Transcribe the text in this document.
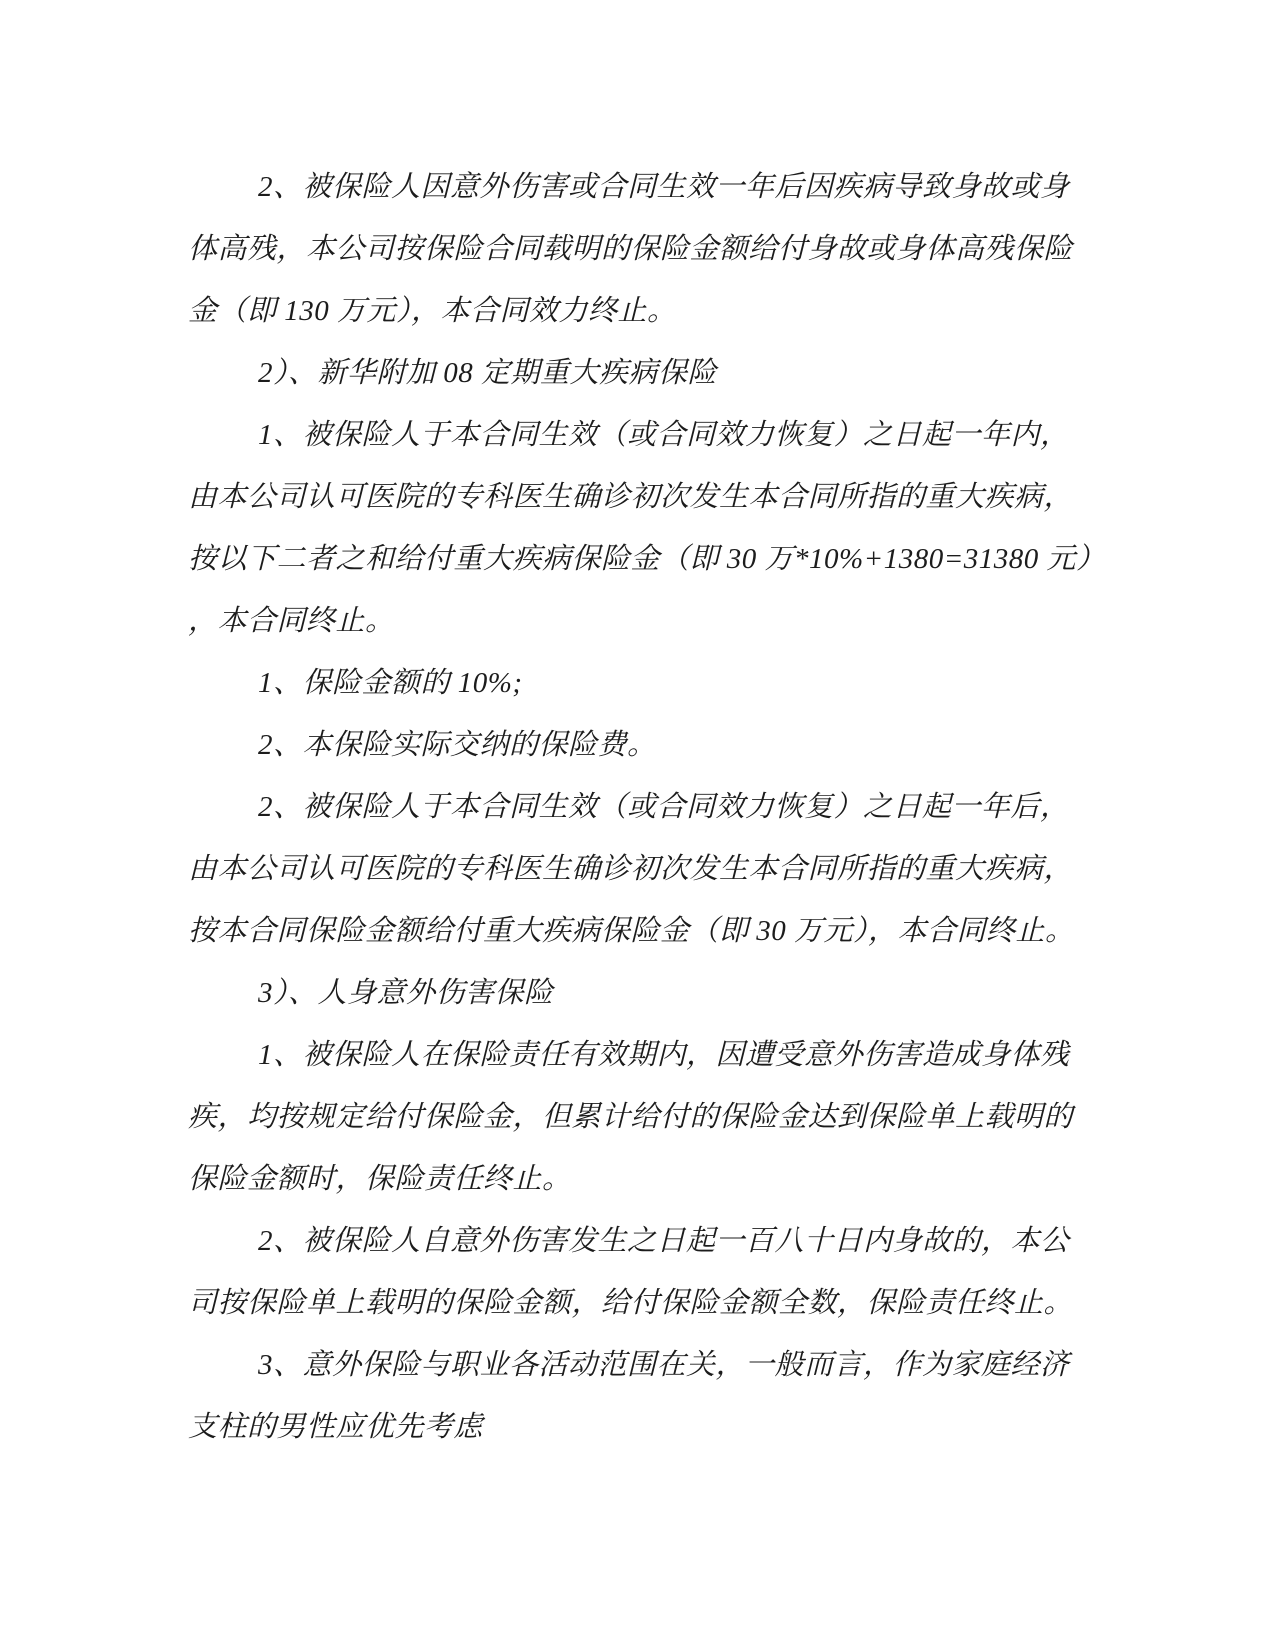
2、被保险人因意外伤害或合同生效一年后因疾病导致身故或身
体高残，本公司按保险合同载明的保险金额给付身故或身体高残保险
金（即 130 万元），本合同效力终止。
2）、新华附加 08 定期重大疾病保险
1、被保险人于本合同生效（或合同效力恢复）之日起一年内，
由本公司认可医院的专科医生确诊初次发生本合同所指的重大疾病，
按以下二者之和给付重大疾病保险金（即 30 万*10%+1380=31380 元）
，本合同终止。
1、保险金额的 10%;
2、本保险实际交纳的保险费。
2、被保险人于本合同生效（或合同效力恢复）之日起一年后，
由本公司认可医院的专科医生确诊初次发生本合同所指的重大疾病，
按本合同保险金额给付重大疾病保险金（即 30 万元），本合同终止。
3）、人身意外伤害保险
1、被保险人在保险责任有效期内，因遭受意外伤害造成身体残
疾，均按规定给付保险金，但累计给付的保险金达到保险单上载明的
保险金额时，保险责任终止。
2、被保险人自意外伤害发生之日起一百八十日内身故的，本公
司按保险单上载明的保险金额，给付保险金额全数，保险责任终止。
3、意外保险与职业各活动范围在关，一般而言，作为家庭经济
支柱的男性应优先考虑
